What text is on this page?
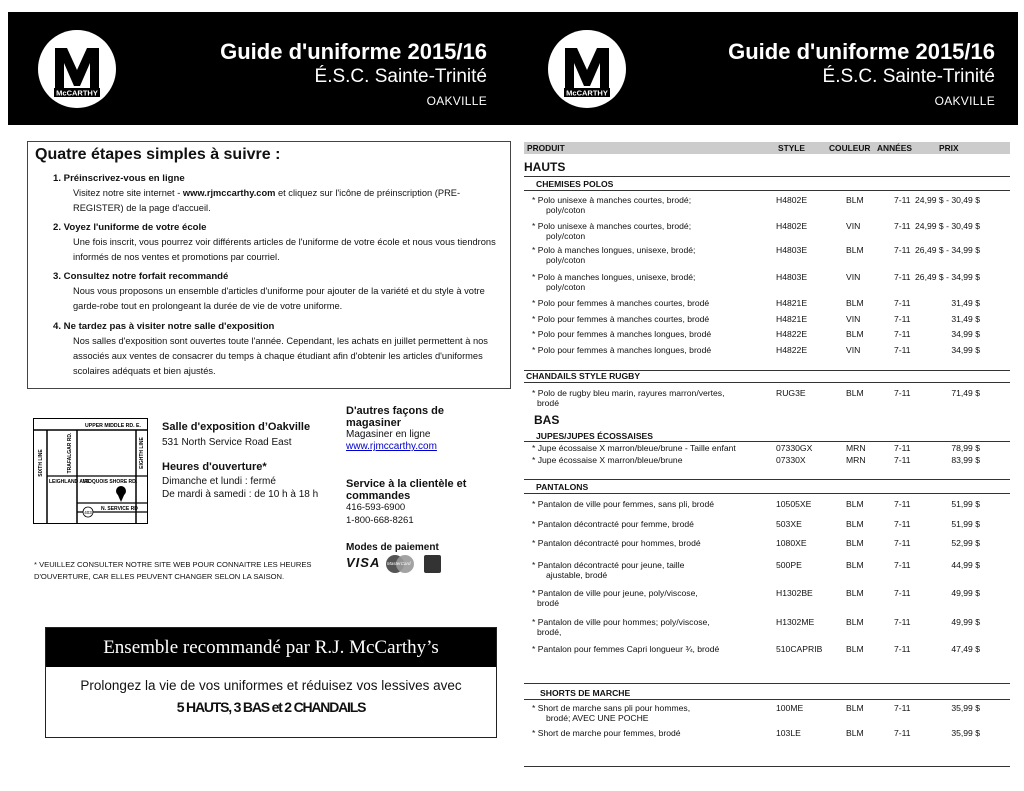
McCARTHY
Guide d'uniforme 2015/16
É.S.C. Sainte-Trinité
OAKVILLE
McCARTHY
Guide d'uniforme 2015/16
É.S.C. Sainte-Trinité
OAKVILLE
Quatre étapes simples à suivre :
1. Préinscrivez-vous en ligne
Visitez notre site internet - www.rjmccarthy.com et cliquez sur l'icône de préinscription (PRE-REGISTER) de la page d'accueil.
2. Voyez l'uniforme de votre école
Une fois inscrit, vous pourrez voir différents articles de l'uniforme de votre école et nous vous tiendrons informés de nos ventes et promotions par courriel.
3. Consultez notre forfait recommandé
Nous vous proposons un ensemble d'articles d'uniforme pour ajouter de la variété et du style à votre garde-robe tout en prolongeant la durée de vie de votre uniforme.
4. Ne tardez pas à visiter notre salle d'exposition
Nos salles d'exposition sont ouvertes toute l'année. Cependant, les achats en juillet permettent à nos associés aux ventes de consacrer du temps à chaque étudiant afin d'obtenir les articles d'uniformes scolaires adéquats et bien ajustés.
UPPER MIDDLE RD. E.
SIXTH LINE	TRAFALGAR RD.	EIGHTH LINE
LEIGHLAND AVE.
IROQUOIS SHORE RD.
N. SERVICE RD
403
Salle d'exposition d’Oakville
531 North Service Road East
Heures d'ouverture*
Dimanche et lundi : fermé
De mardi à samedi : de 10 h à 18 h
D'autres façons de magasiner
Magasiner en ligne
www.rjmccarthy.com
Service à la clientèle et commandes
416-593-6900
1-800-668-8261
Modes de paiement
VISA MasterCard
* VEUILLEZ CONSULTER NOTRE SITE WEB POUR CONNAITRE LES HEURES D'OUVERTURE, CAR ELLES PEUVENT CHANGER SELON LA SAISON.
Ensemble recommandé par R.J. McCarthy’s
Prolongez la vie de vos uniformes et réduisez vos lessives avec
5 HAUTS, 3 BAS et 2 CHANDAILS
PRODUIT	STYLE	COULEUR ANNÉES	PRIX
HAUTS
CHEMISES POLOS
CHANDAILS STYLE RUGBY
BAS
JUPES/JUPES ÉCOSSAISES
PANTALONS
SHORTS DE MARCHE
* Polo unisexe à manches courtes, brodé;
poly/coton
H4802E	BLM	7-11 24,99 $ - 30,49 $
* Polo unisexe à manches courtes, brodé;
poly/coton
H4802E	VIN	7-11 24,99 $ - 30,49 $
* Polo à manches longues, unisexe, brodé;
poly/coton
H4803E	BLM	7-11 26,49 $ - 34,99 $
* Polo à manches longues, unisexe, brodé;
poly/coton
H4803E	VIN	7-11 26,49 $ - 34,99 $
* Polo pour femmes à manches courtes, brodé	H4821E	BLM	7-11	31,49 $
* Polo pour femmes à manches courtes, brodé	H4821E	VIN	7-11	31,49 $
* Polo pour femmes à manches longues, brodé	H4822E	BLM	7-11	34,99 $
* Polo pour femmes à manches longues, brodé	H4822E	VIN	7-11	34,99 $
* Polo de rugby bleu marin, rayures marron/vertes,
brodé
RUG3E	BLM	7-11	71,49 $
* Jupe écossaise X marron/bleue/brune - Taille enfant	07330GX	MRN	7-11	78,99 $
* Jupe écossaise X marron/bleue/brune	07330X	MRN	7-11	83,99 $
* Pantalon de ville pour femmes, sans pli, brodé	10505XE	BLM	7-11	51,99 $
* Pantalon décontracté pour femme, brodé	503XE	BLM	7-11	51,99 $
* Pantalon décontracté pour hommes, brodé	1080XE	BLM	7-11	52,99 $
* Pantalon décontracté pour jeune, taille
ajustable, brodé
500PE	BLM	7-11	44,99 $
* Pantalon de ville pour jeune, poly/viscose,
brodé
H1302BE	BLM	7-11	49,99 $
* Pantalon de ville pour hommes; poly/viscose,
brodé,
H1302ME	BLM	7-11	49,99 $
* Pantalon pour femmes Capri longueur ¾, brodé	510CAPRIB	BLM	7-11	47,49 $
* Short de marche sans pli pour hommes,
brodé; AVEC UNE POCHE
100ME	BLM	7-11	35,99 $
* Short de marche pour femmes, brodé	103LE	BLM	7-11	35,99 $
